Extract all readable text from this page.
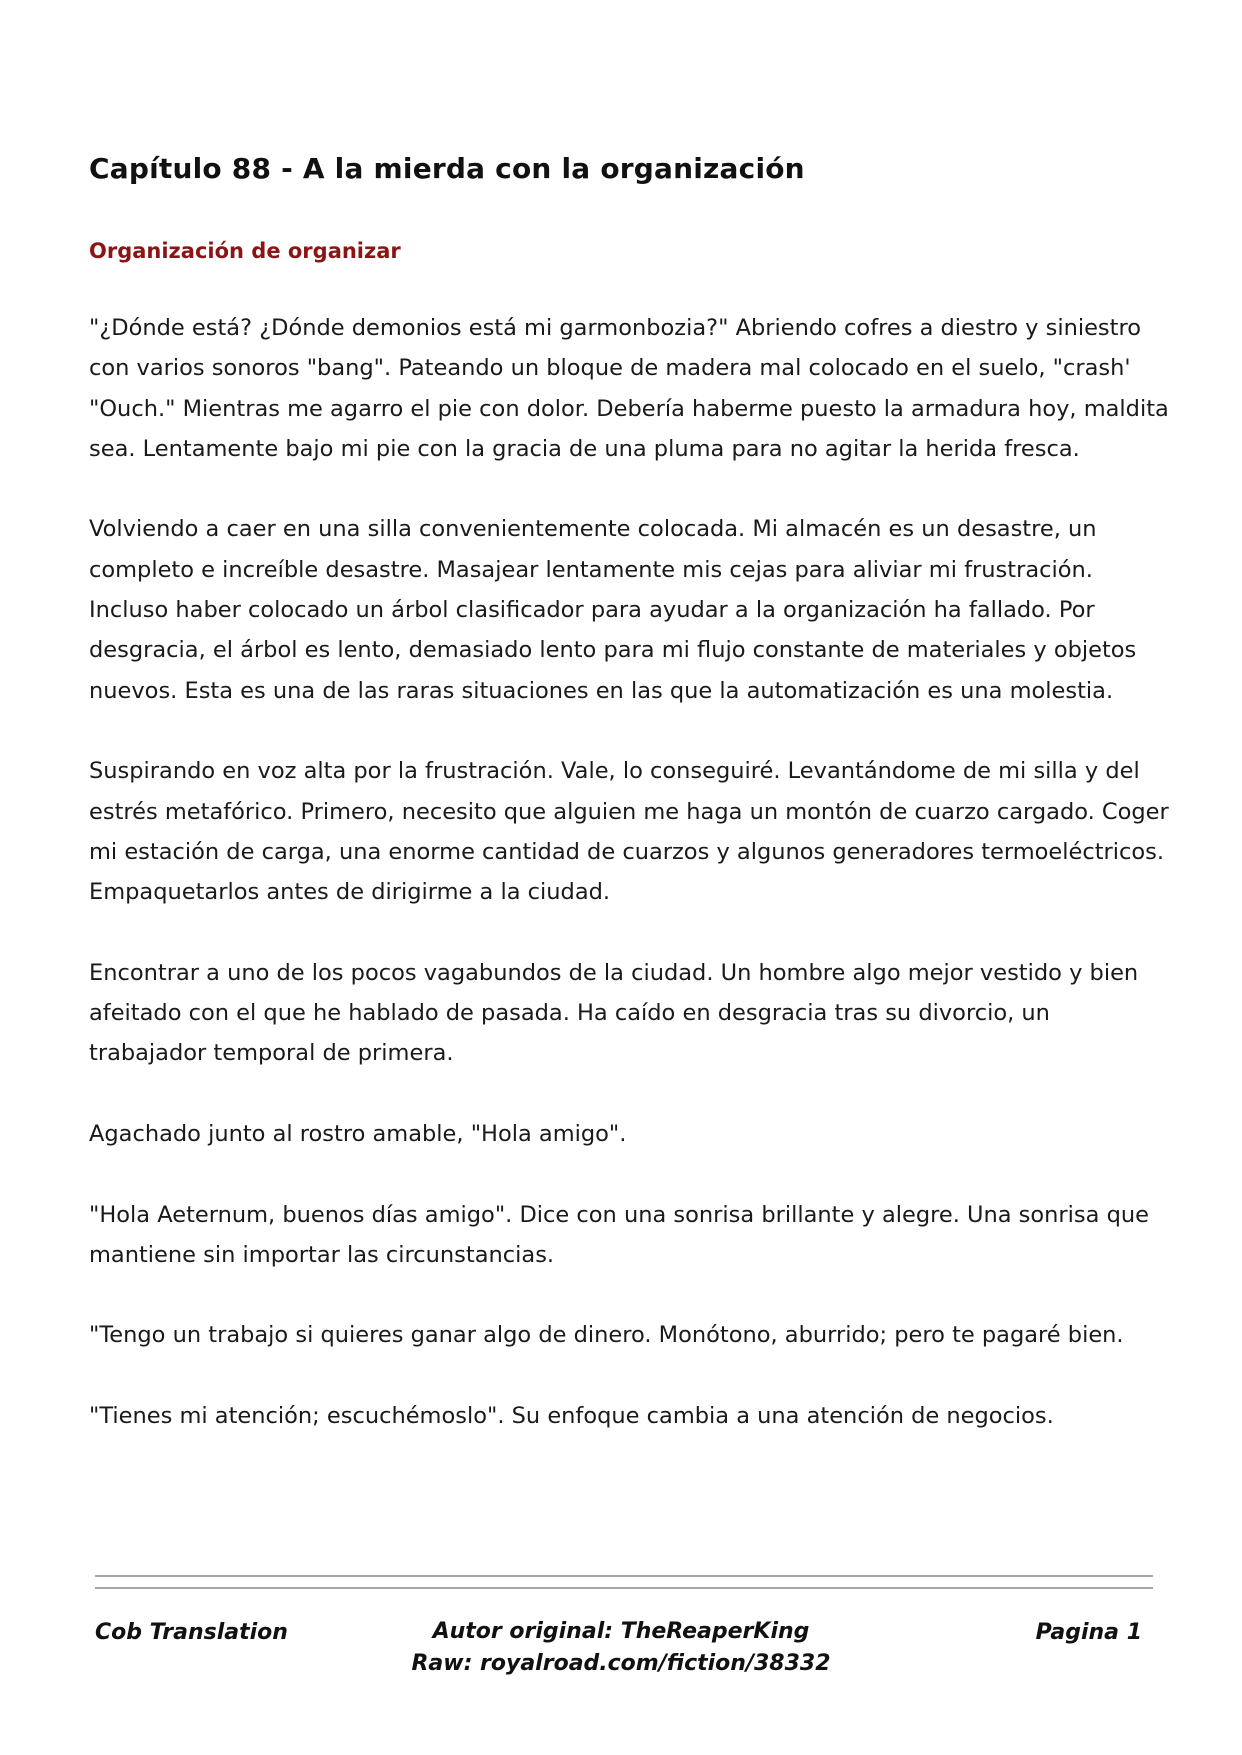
Capítulo 88 - A la mierda con la organización
Organización de organizar

"¿Dónde está? ¿Dónde demonios está mi garmonbozia?" Abriendo cofres a diestro y siniestro con varios sonoros "bang". Pateando un bloque de madera mal colocado en el suelo, "crash' "Ouch." Mientras me agarro el pie con dolor. Debería haberme puesto la armadura hoy, maldita sea. Lentamente bajo mi pie con la gracia de una pluma para no agitar la herida fresca.

Volviendo a caer en una silla convenientemente colocada. Mi almacén es un desastre, un completo e increíble desastre. Masajear lentamente mis cejas para aliviar mi frustración. Incluso haber colocado un árbol clasificador para ayudar a la organización ha fallado. Por desgracia, el árbol es lento, demasiado lento para mi flujo constante de materiales y objetos nuevos. Esta es una de las raras situaciones en las que la automatización es una molestia.

Suspirando en voz alta por la frustración. Vale, lo conseguiré. Levantándome de mi silla y del estrés metafórico. Primero, necesito que alguien me haga un montón de cuarzo cargado. Coger mi estación de carga, una enorme cantidad de cuarzos y algunos generadores termoeléctricos. Empaquetarlos antes de dirigirme a la ciudad.

Encontrar a uno de los pocos vagabundos de la ciudad. Un hombre algo mejor vestido y bien afeitado con el que he hablado de pasada. Ha caído en desgracia tras su divorcio, un trabajador temporal de primera.

Agachado junto al rostro amable, "Hola amigo".

"Hola Aeternum, buenos días amigo". Dice con una sonrisa brillante y alegre. Una sonrisa que mantiene sin importar las circunstancias.

"Tengo un trabajo si quieres ganar algo de dinero. Monótono, aburrido; pero te pagaré bien.

"Tienes mi atención; escuchémoslo". Su enfoque cambia a una atención de negocios.

Cob Translation	Autor original: TheReaperKing
Raw: royalroad.com/fiction/38332
Pagina 1
